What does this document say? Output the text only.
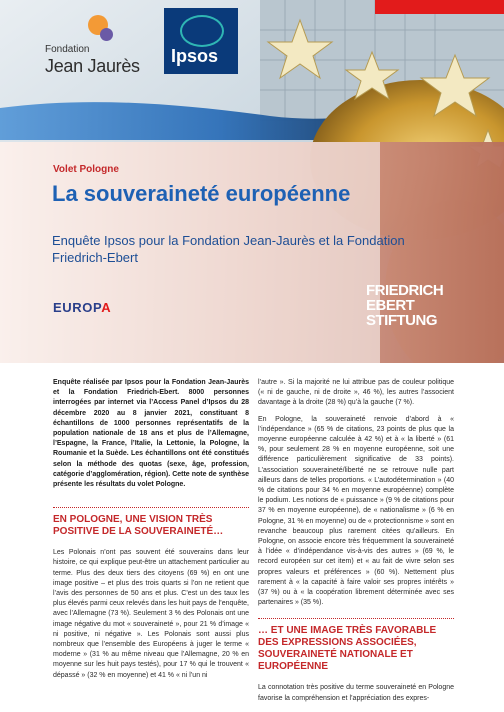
Fondation
Jean Jaurès Ipsos
Volet Pologne
La souveraineté européenne
Enquête Ipsos pour la Fondation Jean-Jaurès et la Fondation Friedrich-Ebert
EUROPA
FRIEDRICH
EBERT
STIFTUNG

Enquête réalisée par Ipsos pour la Fondation Jean-Jaurès et la Fondation Friedrich-Ebert. 8000 personnes interrogées par internet via l’Access Panel d’Ipsos du 28 décembre 2020 au 8 janvier 2021, constituant 8 échantillons de 1000 personnes représentatifs de la population nationale de 18 ans et plus de l’Allemagne, l’Espagne, la France, l’Italie, la Lettonie, la Pologne, la Roumanie et la Suède. Les échantillons ont été constitués selon la méthode des quotas (sexe, âge, profession, catégorie d’agglomération, région). Cette note de synthèse présente les résultats du volet Pologne.

EN POLOGNE, UNE VISION TRÈS POSITIVE DE LA SOUVERAINETÉ…

Les Polonais n’ont pas souvent été souverains dans leur histoire, ce qui explique peut-être un attachement particulier au terme. Plus des deux tiers des citoyens (69 %) en ont une image positive – et plus des trois quarts si l’on ne retient que l’avis des personnes de 50 ans et plus. C’est un des taux les plus élevés parmi ceux relevés dans les huit pays de l’enquête, avec l’Allemagne (73 %). Seulement 3 % des Polonais ont une image négative du mot « souveraineté », pour 21 % d’image « ni positive, ni négative ». Les Polonais sont aussi plus nombreux que l’ensemble des Européens à juger le terme « moderne » (31 % au même niveau que l’Allemagne, 20 % en moyenne sur les huit pays testés), pour 17 % qui le trouvent « dépassé » (32 % en moyenne) et 41 % « ni l’un ni

l’autre ». Si la majorité ne lui attribue pas de couleur politique (« ni de gauche, ni de droite », 46 %), les autres l’associent davantage à la droite (28 %) qu’à la gauche (7 %).

En Pologne, la souveraineté renvoie d’abord à « l’indépendance » (65 % de citations, 23 points de plus que la moyenne européenne calculée à 42 %) et à « la liberté » (61 %, pour seulement 28 % en moyenne européenne, soit une différence particulièrement significative de 33 points). L’association souveraineté/liberté ne se retrouve nulle part ailleurs dans de telles proportions. « L’autodétermination » (40 % de citations pour 34 % en moyenne européenne) complète le podium. Les notions de « puissance » (9 % de citations pour 37 % en moyenne européenne), de « nationalisme » (6 % en Pologne, 31 % en moyenne) ou de « protectionnisme » sont en revanche beaucoup plus rarement citées qu’ailleurs. En Pologne, on associe encore très fréquemment la souveraineté à l’idée « d’indépendance vis-à-vis des autres » (69 %, le record européen sur cet item) et « au fait de vivre selon ses propres valeurs et préférences » (60 %). Nettement plus rarement à « la capacité à faire valoir ses propres intérêts » (37 %) ou à « la coopération librement déterminée avec ses partenaires » (35 %).

… ET UNE IMAGE TRÈS FAVORABLE DES EXPRESSIONS ASSOCIÉES, SOUVERAINETÉ NATIONALE ET EUROPÉENNE

La connotation très positive du terme souveraineté en Pologne favorise la compréhension et l’appréciation des expres-
